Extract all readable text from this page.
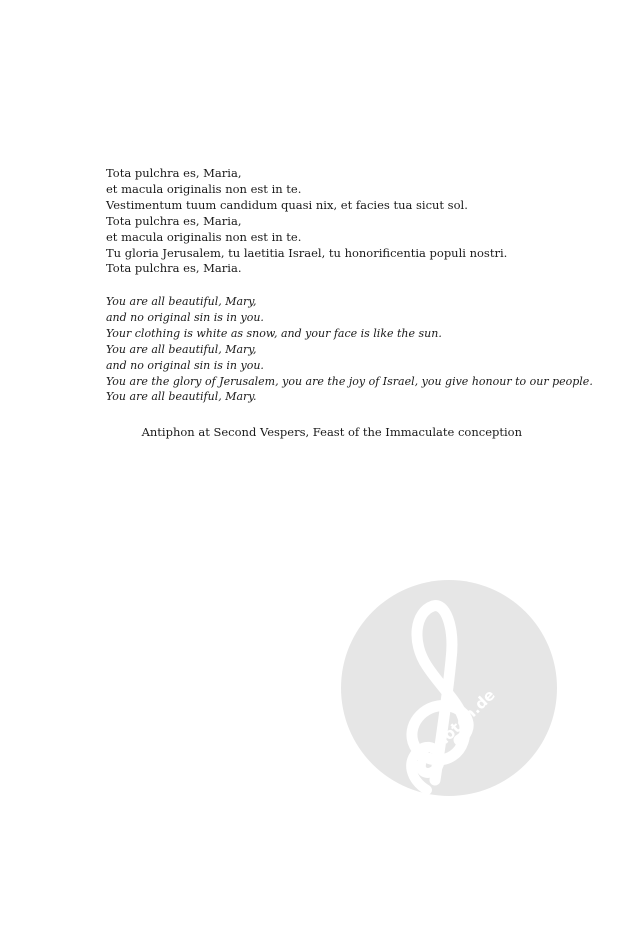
Tota pulchra es, Maria,
et macula originalis non est in te.
Vestimentum tuum candidum quasi nix, et facies tua sicut sol.
Tota pulchra es, Maria,
et macula originalis non est in te.
Tu gloria Jerusalem, tu laetitia Israel, tu honorificentia populi nostri.
Tota pulchra es, Maria.
You are all beautiful, Mary,
and no original sin is in you.
Your clothing is white as snow, and your face is like the sun.
You are all beautiful, Mary,
and no original sin is in you.
You are the glory of Jerusalem, you are the joy of Israel, you give honour to our people.
You are all beautiful, Mary.
Antiphon at Second Vespers, Feast of the Immaculate conception
alle-noten.de
